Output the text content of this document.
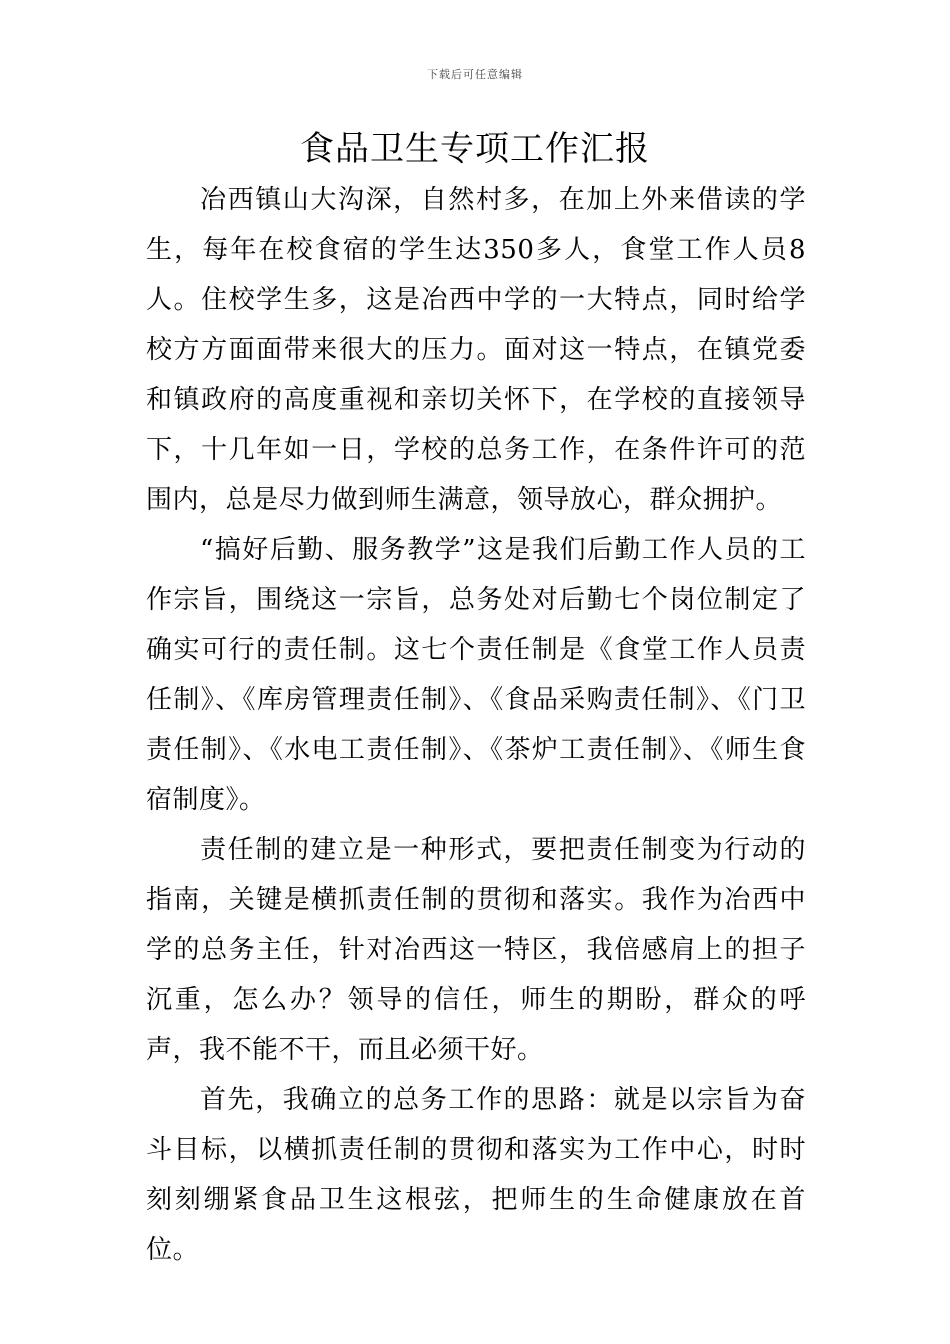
下载后可任意编辑
食品卫生专项工作汇报

冶西镇山大沟深，自然村多，在加上外来借读的学生，每年在校食宿的学生达350多人，食堂工作人员8人。住校学生多，这是冶西中学的一大特点，同时给学校方方面面带来很大的压力。面对这一特点，在镇党委和镇政府的高度重视和亲切关怀下，在学校的直接领导下，十几年如一日，学校的总务工作，在条件许可的范围内，总是尽力做到师生满意，领导放心，群众拥护。

“搞好后勤、服务教学”这是我们后勤工作人员的工作宗旨，围绕这一宗旨，总务处对后勤七个岗位制定了确实可行的责任制。这七个责任制是《食堂工作人员责任制》、《库房管理责任制》、《食品采购责任制》、《门卫责任制》、《水电工责任制》、《茶炉工责任制》、《师生食宿制度》。

责任制的建立是一种形式，要把责任制变为行动的指南，关键是横抓责任制的贯彻和落实。我作为冶西中学的总务主任，针对冶西这一特区，我倍感肩上的担子沉重，怎么办？领导的信任，师生的期盼，群众的呼声，我不能不干，而且必须干好。

首先，我确立的总务工作的思路：就是以宗旨为奋斗目标，以横抓责任制的贯彻和落实为工作中心，时时刻刻绷紧食品卫生这根弦，把师生的生命健康放在首位。
